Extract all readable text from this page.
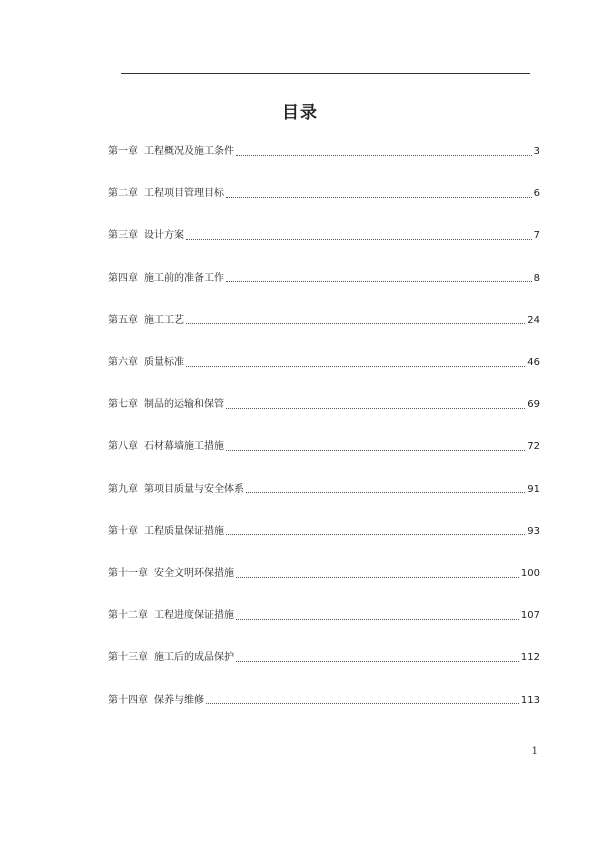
目录
第一章 工程概况及施工条件	3
第二章 工程项目管理目标	6
第三章 设计方案	7
第四章 施工前的准备工作	8
第五章 施工工艺	24
第六章 质量标准	46
第七章 制品的运输和保管	69
第八章 石材幕墙施工措施	72
第九章 第项目质量与安全体系	91
第十章 工程质量保证措施	93
第十一章 安全文明环保措施	100
第十二章 工程进度保证措施	107
第十三章 施工后的成品保护	112
第十四章 保养与维修	113
1
